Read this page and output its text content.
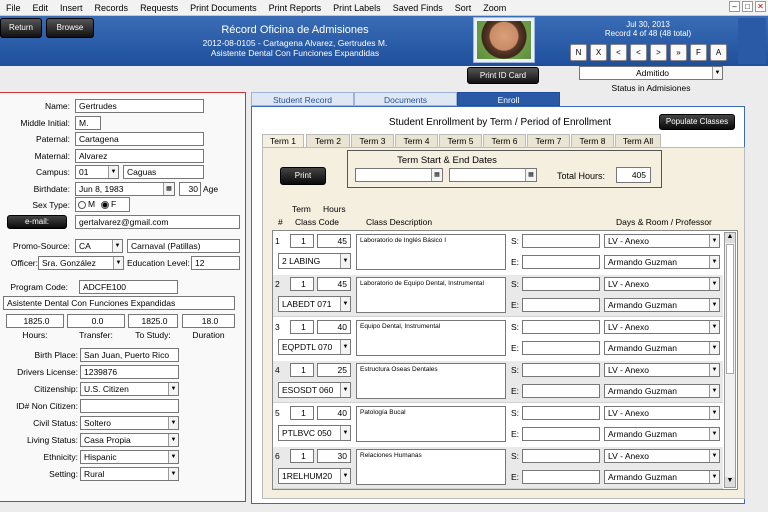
File	Edit	Insert	Records	Requests	Print Documents	Print Reports	Print Labels	Saved Finds	Sort	Zoom	–	□ ✕
Return	Browse	Récord Oficina de Admisiones
2012-08-0105 - Cartagena Alvarez, Gertrudes M.
Asistente Dental Con Funciones Expandidas
Jul 30, 2013
Record 4 of 48 (48 total)
Print ID Card
N	X	<	<	>	»	F	A
Admitido	▼
Status in Admisiones
Name:	Gertrudes
Middle Initial:	M.
Paternal:	Cartagena
Maternal:	Alvarez
Campus:	01	▼	Caguas
Birthdate:	Jun 8, 1983	▦	30 Age
Sex Type: M F
e-mail:	gertalvarez@gmail.com
Promo-Source:	CA	▼	Carnaval (Patillas)
Officer: Sra. González	▼ Education Level: 12
Program Code:	ADCFE100
Asistente Dental Con Funciones Expandidas
1825.0	0.0	1825.0	18.0
Hours:	Transfer:	To Study:	Duration
Birth Place: San Juan, Puerto Rico
Drivers License: 1239876
Citizenship: U.S. Citizen	▼
ID# Non Citizen:
Civil Status: Soltero	▼
Living Status: Casa Propia	▼
Ethnicity: Hispanic	▼
Setting: Rural	▼
Student Record	Documents	Enroll
Student Enrollment by Term / Period of Enrollment	Populate Classes
Term 1	Term 2	Term 3	Term 4	Term 5	Term 6	Term 7	Term 8	Term All
Term Start & End Dates
▦	▦	Total Hours:	405
Print
Term Hours
# Class Code	Class Description	Days & Room / Professor
1	1	45
2 LABING	▼
Laboratorio de Inglés Básico I	S:
E:
LV - Anexo	▼
Armando Guzman	▼
2	1	45
LABEDT 071	▼
Laboratorio de Equipo Dental, Instrumental	S:
E:
LV - Anexo	▼
Armando Guzman	▼
3	1	40
EQPDTL 070	▼
Equipo Dental, Instrumental	S:
E:
LV - Anexo	▼
Armando Guzman	▼
4	1	25
ESOSDT 060	▼
Estructura Oseas Dentales	S:
E:
LV - Anexo	▼
Armando Guzman	▼
5	1	40
PTLBVC 050	▼
Patología Bucal	S:
E:
LV - Anexo	▼
Armando Guzman	▼
6	1	30
1RELHUM20	▼
Relaciones Humanas	S:
E:
LV - Anexo	▼
Armando Guzman	▼
▲
▼
